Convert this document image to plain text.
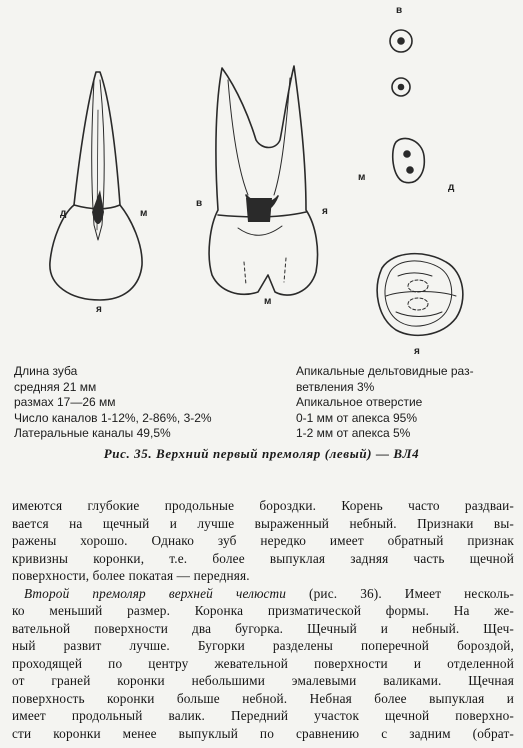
д	м
я
в
я
м
в
м
д
я
Длина зуба
средняя 21 мм
размах 17—26 мм
Число каналов 1-12%, 2-86%, 3-2%
Латеральные каналы 49,5%
Апикальные дельтовидные раз-
ветвления 3%
Апикальное отверстие
0-1 мм от апекса 95%
1-2 мм от апекса 5%
Рис. 35. Верхний первый премоляр (левый) — ВЛ4
имеются глубокие продольные бороздки. Корень часто раздваи-
вается на щечный и лучше выраженный небный. Признаки вы-
ражены хорошо. Однако зуб нередко имеет обратный признак
кривизны коронки, т.е. более выпуклая задняя часть щечной
поверхности, более покатая — передняя.
Второй премоляр верхней челюсти (рис. 36). Имеет несколь-
ко меньший размер. Коронка призматической формы. На же-
вательной поверхности два бугорка. Щечный и небный. Щеч-
ный развит лучше. Бугорки разделены поперечной бороздой,
проходящей по центру жевательной поверхности и отделенной
от граней коронки небольшими эмалевыми валиками. Щечная
поверхность коронки больше небной. Небная более выпуклая и
имеет продольный валик. Передний участок щечной поверхно-
сти коронки менее выпуклый по сравнению с задним (обрат-
